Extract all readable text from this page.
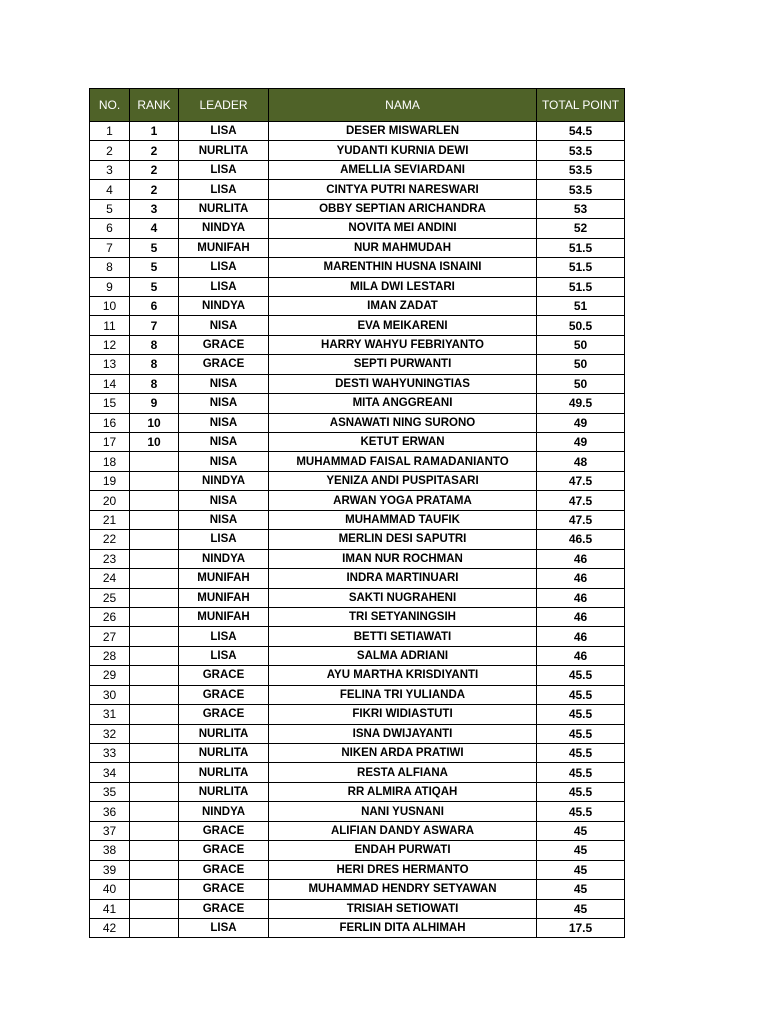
NO.	RANK	LEADER	NAMA	TOTAL POINT
1	1	LISA	DESER MISWARLEN	54.5
2	2	NURLITA	YUDANTI KURNIA DEWI	53.5
3	2	LISA	AMELLIA SEVIARDANI	53.5
4	2	LISA	CINTYA PUTRI NARESWARI	53.5
5	3	NURLITA	OBBY SEPTIAN ARICHANDRA	53
6	4	NINDYA	NOVITA MEI ANDINI	52
7	5	MUNIFAH	NUR MAHMUDAH	51.5
8	5	LISA	MARENTHIN HUSNA ISNAINI	51.5
9	5	LISA	MILA DWI LESTARI	51.5
10	6	NINDYA	IMAN ZADAT	51
11	7	NISA	EVA MEIKARENI	50.5
12	8	GRACE	HARRY WAHYU FEBRIYANTO	50
13	8	GRACE	SEPTI PURWANTI	50
14	8	NISA	DESTI WAHYUNINGTIAS	50
15	9	NISA	MITA ANGGREANI	49.5
16	10	NISA	ASNAWATI NING SURONO	49
17	10	NISA	KETUT ERWAN	49
18		NISA	MUHAMMAD FAISAL RAMADANIANTO	48
19		NINDYA	YENIZA ANDI PUSPITASARI	47.5
20		NISA	ARWAN YOGA PRATAMA	47.5
21		NISA	MUHAMMAD TAUFIK	47.5
22		LISA	MERLIN DESI SAPUTRI	46.5
23		NINDYA	IMAN NUR ROCHMAN	46
24		MUNIFAH	INDRA MARTINUARI	46
25		MUNIFAH	SAKTI NUGRAHENI	46
26		MUNIFAH	TRI SETYANINGSIH	46
27		LISA	BETTI SETIAWATI	46
28		LISA	SALMA ADRIANI	46
29		GRACE	AYU MARTHA KRISDIYANTI	45.5
30		GRACE	FELINA TRI YULIANDA	45.5
31		GRACE	FIKRI WIDIASTUTI	45.5
32		NURLITA	ISNA DWIJAYANTI	45.5
33		NURLITA	NIKEN ARDA PRATIWI	45.5
34		NURLITA	RESTA ALFIANA	45.5
35		NURLITA	RR ALMIRA ATIQAH	45.5
36		NINDYA	NANI YUSNANI	45.5
37		GRACE	ALIFIAN DANDY ASWARA	45
38		GRACE	ENDAH PURWATI	45
39		GRACE	HERI DRES HERMANTO	45
40		GRACE	MUHAMMAD HENDRY SETYAWAN	45
41		GRACE	TRISIAH SETIOWATI	45
42		LISA	FERLIN DITA ALHIMAH	17.5
